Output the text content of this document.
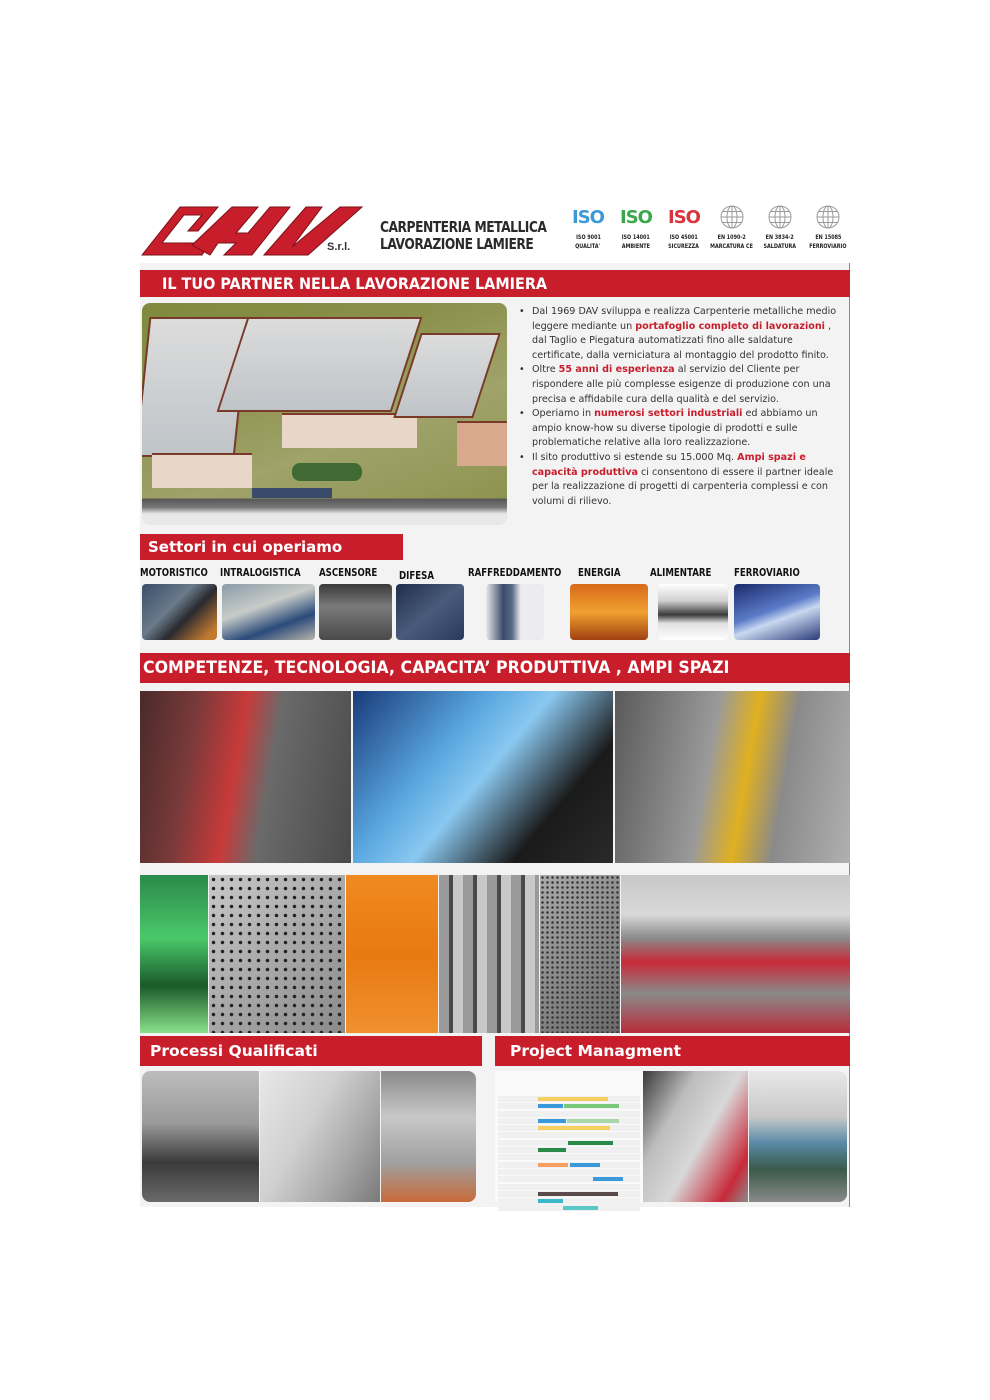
S.r.l.
CARPENTERIA METALLICA
LAVORAZIONE LAMIERE
ISO
ISO 9001
QUALITA'
ISO
ISO 14001
AMBIENTE
ISO
ISO 45001
SICUREZZA
EN 1090-2
MARCATURA CE
EN 3834-2
SALDATURA
EN 15085
FERROVIARIO
IL TUO PARTNER NELLA LAVORAZIONE LAMIERA
• Dal 1969 DAV sviluppa e realizza Carpenterie metalliche medio leggere mediante un portafoglio completo di lavorazioni , dal Taglio e Piegatura automatizzati fino alle saldature certificate, dalla verniciatura al montaggio del prodotto finito.
• Oltre 55 anni di esperienza al servizio del Cliente per rispondere alle più complesse esigenze di produzione con una precisa e affidabile cura della qualità e del servizio.
• Operiamo in numerosi settori industriali ed abbiamo un ampio know-how su diverse tipologie di prodotti e sulle problematiche relative alla loro realizzazione.
• Il sito produttivo si estende su 15.000 Mq. Ampi spazi e capacità produttiva ci consentono di essere il partner ideale per la realizzazione di progetti di carpenteria complessi e con volumi di rilievo.
Settori in cui operiamo
MOTORISTICO INTRALOGISTICA ASCENSORE DIFESA	RAFFREDDAMENTO ENERGIA	ALIMENTARE FERROVIARIO
COMPETENZE, TECNOLOGIA, CAPACITA’ PRODUTTIVA , AMPI SPAZI
Processi Qualificati	Project Managment
